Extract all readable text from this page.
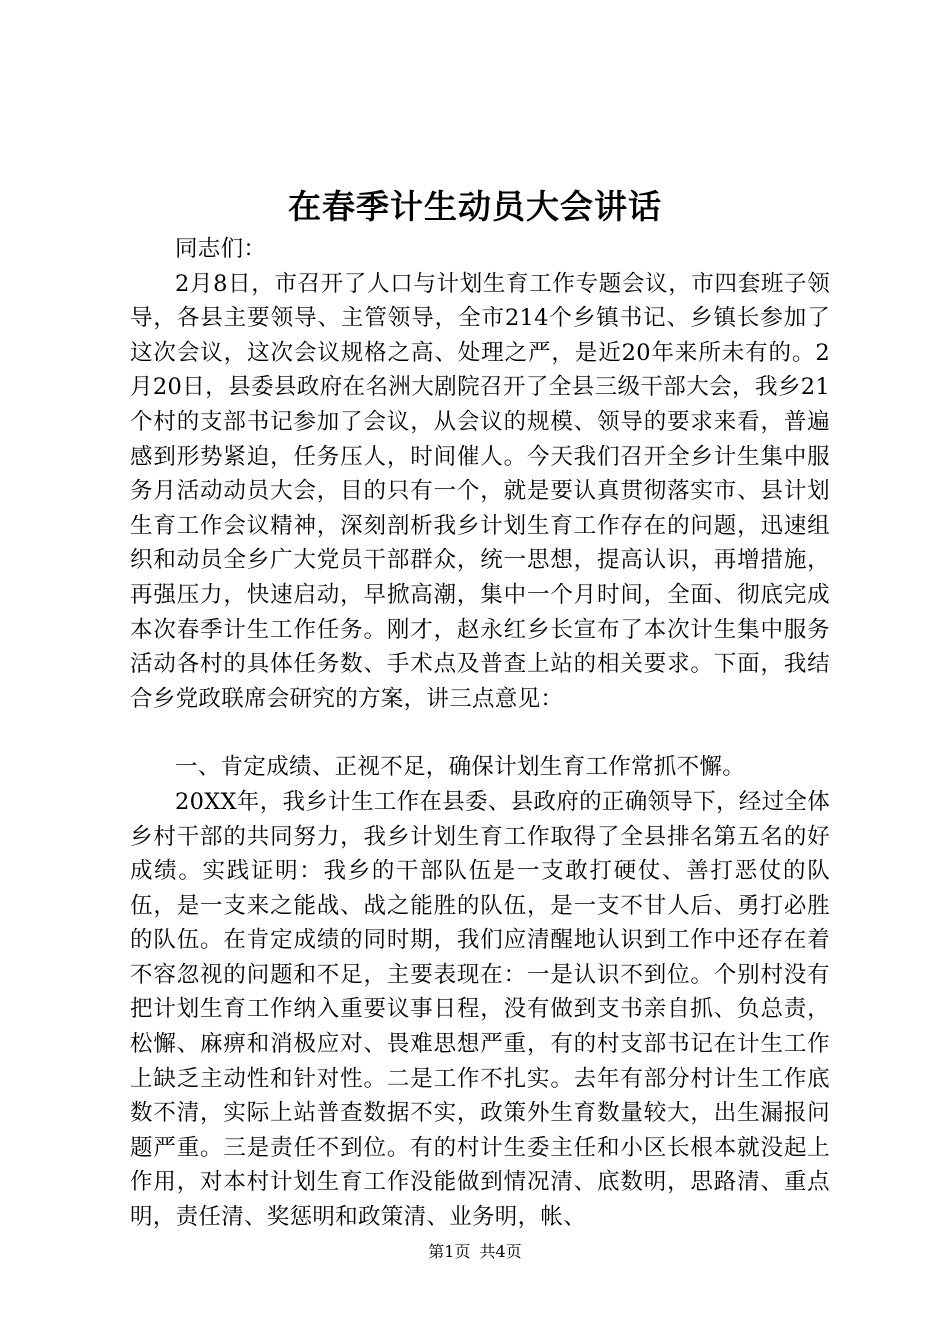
在春季计生动员大会讲话

同志们：

2月8日，市召开了人口与计划生育工作专题会议，市四套班子领导，各县主要领导、主管领导，全市214个乡镇书记、乡镇长参加了这次会议，这次会议规格之高、处理之严，是近20年来所未有的。2月20日，县委县政府在名洲大剧院召开了全县三级干部大会，我乡21个村的支部书记参加了会议，从会议的规模、领导的要求来看，普遍感到形势紧迫，任务压人，时间催人。今天我们召开全乡计生集中服务月活动动员大会，目的只有一个，就是要认真贯彻落实市、县计划生育工作会议精神，深刻剖析我乡计划生育工作存在的问题，迅速组织和动员全乡广大党员干部群众，统一思想，提高认识，再增措施，再强压力，快速启动，早掀高潮，集中一个月时间，全面、彻底完成本次春季计生工作任务。刚才，赵永红乡长宣布了本次计生集中服务活动各村的具体任务数、手术点及普查上站的相关要求。下面，我结合乡党政联席会研究的方案，讲三点意见：

一、肯定成绩、正视不足，确保计划生育工作常抓不懈。

20XX年，我乡计生工作在县委、县政府的正确领导下，经过全体乡村干部的共同努力，我乡计划生育工作取得了全县排名第五名的好成绩。实践证明：我乡的干部队伍是一支敢打硬仗、善打恶仗的队伍，是一支来之能战、战之能胜的队伍，是一支不甘人后、勇打必胜的队伍。在肯定成绩的同时期，我们应清醒地认识到工作中还存在着不容忽视的问题和不足，主要表现在：一是认识不到位。个别村没有把计划生育工作纳入重要议事日程，没有做到支书亲自抓、负总责，松懈、麻痹和消极应对、畏难思想严重，有的村支部书记在计生工作上缺乏主动性和针对性。二是工作不扎实。去年有部分村计生工作底数不清，实际上站普查数据不实，政策外生育数量较大，出生漏报问题严重。三是责任不到位。有的村计生委主任和小区长根本就没起上作用，对本村计划生育工作没能做到情况清、底数明，思路清、重点明，责任清、奖惩明和政策清、业务明，帐、

第1页 共4页
